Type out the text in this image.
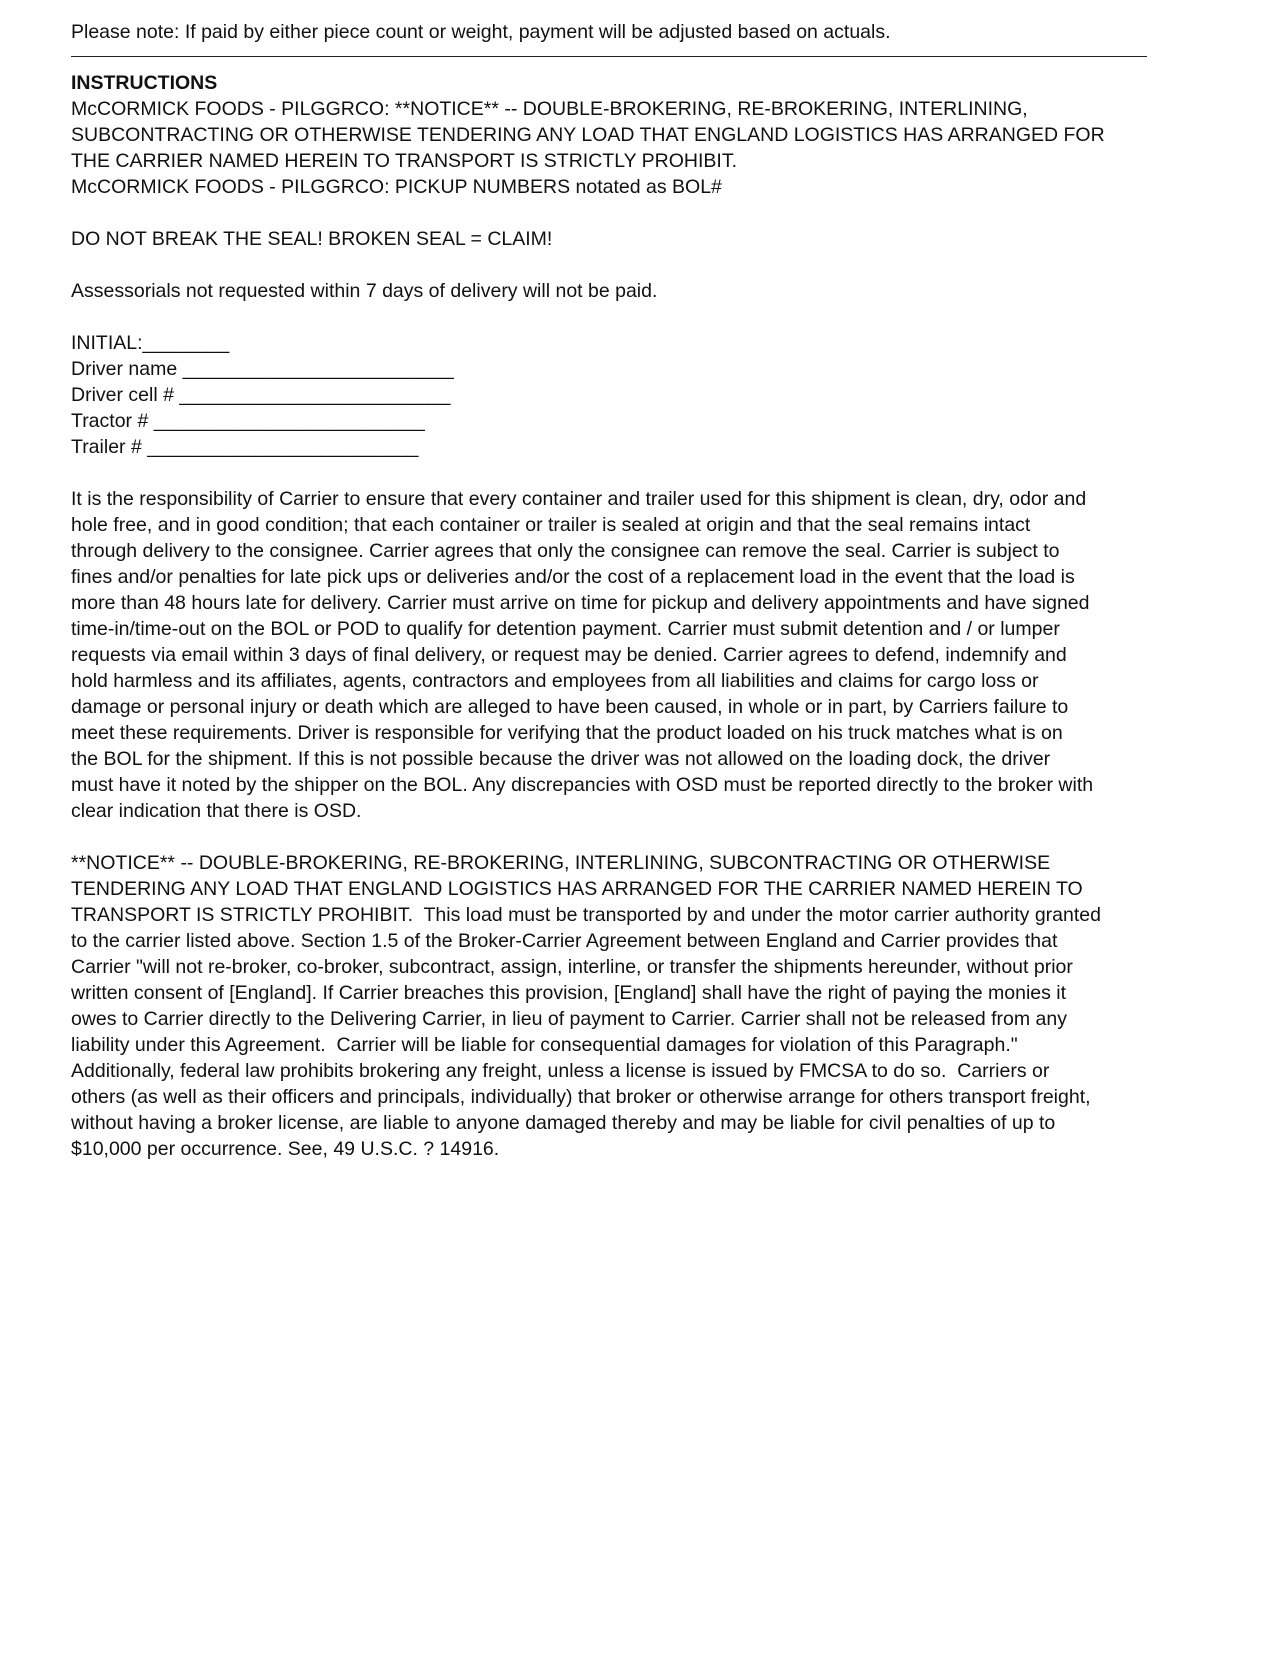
Please note: If paid by either piece count or weight, payment will be adjusted based on actuals.
INSTRUCTIONS
McCORMICK FOODS - PILGGRCO: **NOTICE** -- DOUBLE-BROKERING, RE-BROKERING, INTERLINING,
SUBCONTRACTING OR OTHERWISE TENDERING ANY LOAD THAT ENGLAND LOGISTICS HAS ARRANGED FOR
THE CARRIER NAMED HEREIN TO TRANSPORT IS STRICTLY PROHIBIT.
McCORMICK FOODS - PILGGRCO: PICKUP NUMBERS notated as BOL#
DO NOT BREAK THE SEAL! BROKEN SEAL = CLAIM!
Assessorials not requested within 7 days of delivery will not be paid.
INITIAL:________
Driver name _________________________
Driver cell # _________________________
Tractor # _________________________
Trailer # _________________________
It is the responsibility of Carrier to ensure that every container and trailer used for this shipment is clean, dry, odor and
hole free, and in good condition; that each container or trailer is sealed at origin and that the seal remains intact
through delivery to the consignee. Carrier agrees that only the consignee can remove the seal. Carrier is subject to
fines and/or penalties for late pick ups or deliveries and/or the cost of a replacement load in the event that the load is
more than 48 hours late for delivery. Carrier must arrive on time for pickup and delivery appointments and have signed
time-in/time-out on the BOL or POD to qualify for detention payment. Carrier must submit detention and / or lumper
requests via email within 3 days of final delivery, or request may be denied. Carrier agrees to defend, indemnify and
hold harmless and its affiliates, agents, contractors and employees from all liabilities and claims for cargo loss or
damage or personal injury or death which are alleged to have been caused, in whole or in part, by Carriers failure to
meet these requirements. Driver is responsible for verifying that the product loaded on his truck matches what is on
the BOL for the shipment. If this is not possible because the driver was not allowed on the loading dock, the driver
must have it noted by the shipper on the BOL. Any discrepancies with OSD must be reported directly to the broker with
clear indication that there is OSD.
**NOTICE** -- DOUBLE-BROKERING, RE-BROKERING, INTERLINING, SUBCONTRACTING OR OTHERWISE
TENDERING ANY LOAD THAT ENGLAND LOGISTICS HAS ARRANGED FOR THE CARRIER NAMED HEREIN TO
TRANSPORT IS STRICTLY PROHIBIT.  This load must be transported by and under the motor carrier authority granted
to the carrier listed above. Section 1.5 of the Broker-Carrier Agreement between England and Carrier provides that
Carrier "will not re-broker, co-broker, subcontract, assign, interline, or transfer the shipments hereunder, without prior
written consent of [England]. If Carrier breaches this provision, [England] shall have the right of paying the monies it
owes to Carrier directly to the Delivering Carrier, in lieu of payment to Carrier. Carrier shall not be released from any
liability under this Agreement.  Carrier will be liable for consequential damages for violation of this Paragraph."
Additionally, federal law prohibits brokering any freight, unless a license is issued by FMCSA to do so.  Carriers or
others (as well as their officers and principals, individually) that broker or otherwise arrange for others transport freight,
without having a broker license, are liable to anyone damaged thereby and may be liable for civil penalties of up to
$10,000 per occurrence. See, 49 U.S.C. ? 14916.
